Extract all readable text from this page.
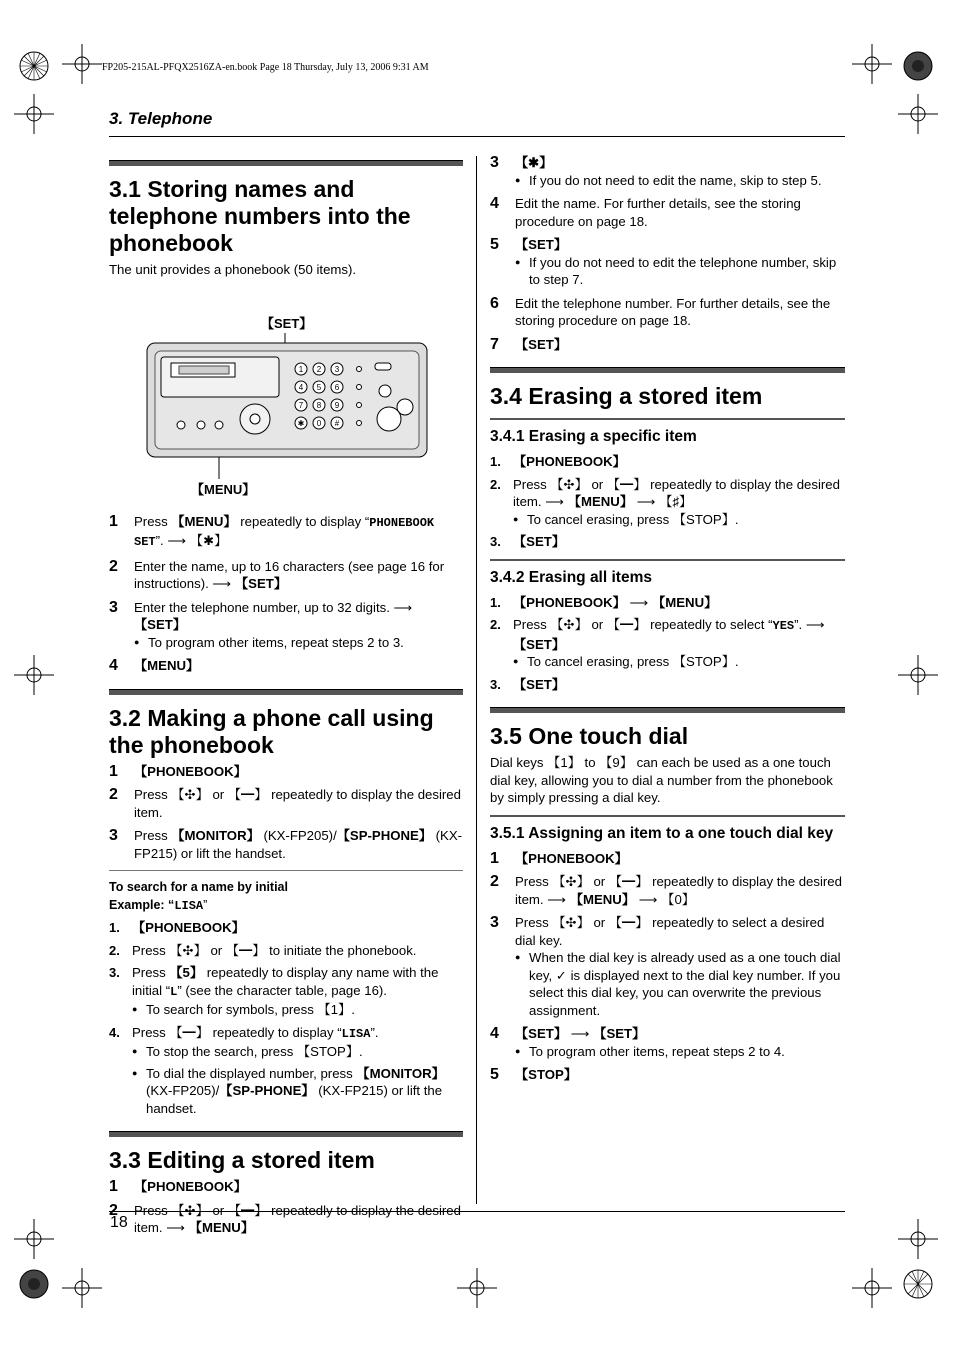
FP205-215AL-PFQX2516ZA-en.book Page 18 Thursday, July 13, 2006 9:31 AM
3. Telephone
18
3.1 Storing names and telephone numbers into the phonebook

The unit provides a phonebook (50 items).

【SET】
【MENU】
1 2 3
4 5 6
7 8 9
✱ 0 #
1 Press 【MENU】 repeatedly to display “PHONEBOOK SET”. ⟶ 【✱】
2 Enter the name, up to 16 characters (see page 16 for instructions). ⟶ 【SET】
3 Enter the telephone number, up to 32 digits. ⟶ 【SET】
● To program other items, repeat steps 2 to 3.
4 【MENU】
3.2 Making a phone call using the phonebook
1 【PHONEBOOK】
2 Press 【✣】 or 【━】 repeatedly to display the desired item.
3 Press 【MONITOR】 (KX-FP205)/【SP-PHONE】 (KX-FP215) or lift the handset.
To search for a name by initial
Example: “LISA”
1. 【PHONEBOOK】
2. Press 【✣】 or 【━】 to initiate the phonebook.
3. Press 【5】 repeatedly to display any name with the initial “L” (see the character table, page 16).
● To search for symbols, press 【1】.
4. Press 【━】 repeatedly to display “LISA”.
● To stop the search, press 【STOP】.
● To dial the displayed number, press 【MONITOR】 (KX-FP205)/【SP-PHONE】 (KX-FP215) or lift the handset.
3.3 Editing a stored item
1 【PHONEBOOK】
2 Press 【✣】 or 【━】 repeatedly to display the desired item. ⟶ 【MENU】
3 【✱】
● If you do not need to edit the name, skip to step 5.
4 Edit the name. For further details, see the storing procedure on page 18.
5 【SET】
● If you do not need to edit the telephone number, skip to step 7.
6 Edit the telephone number. For further details, see the storing procedure on page 18.
7 【SET】
3.4 Erasing a stored item
3.4.1 Erasing a specific item
1. 【PHONEBOOK】
2. Press 【✣】 or 【━】 repeatedly to display the desired item. ⟶ 【MENU】 ⟶ 【♯】
● To cancel erasing, press 【STOP】.
3. 【SET】
3.4.2 Erasing all items
1. 【PHONEBOOK】 ⟶ 【MENU】
2. Press 【✣】 or 【━】 repeatedly to select “YES”. ⟶ 【SET】
● To cancel erasing, press 【STOP】.
3. 【SET】
3.5 One touch dial

Dial keys 【1】 to 【9】 can each be used as a one touch dial key, allowing you to dial a number from the phonebook by simply pressing a dial key.

3.5.1 Assigning an item to a one touch dial key
1 【PHONEBOOK】
2 Press 【✣】 or 【━】 repeatedly to display the desired item. ⟶ 【MENU】 ⟶ 【0】
3 Press 【✣】 or 【━】 repeatedly to select a desired dial key.
● When the dial key is already used as a one touch dial key, ✓ is displayed next to the dial key number. If you select this dial key, you can overwrite the previous assignment.
4 【SET】 ⟶ 【SET】
● To program other items, repeat steps 2 to 4.
5 【STOP】
